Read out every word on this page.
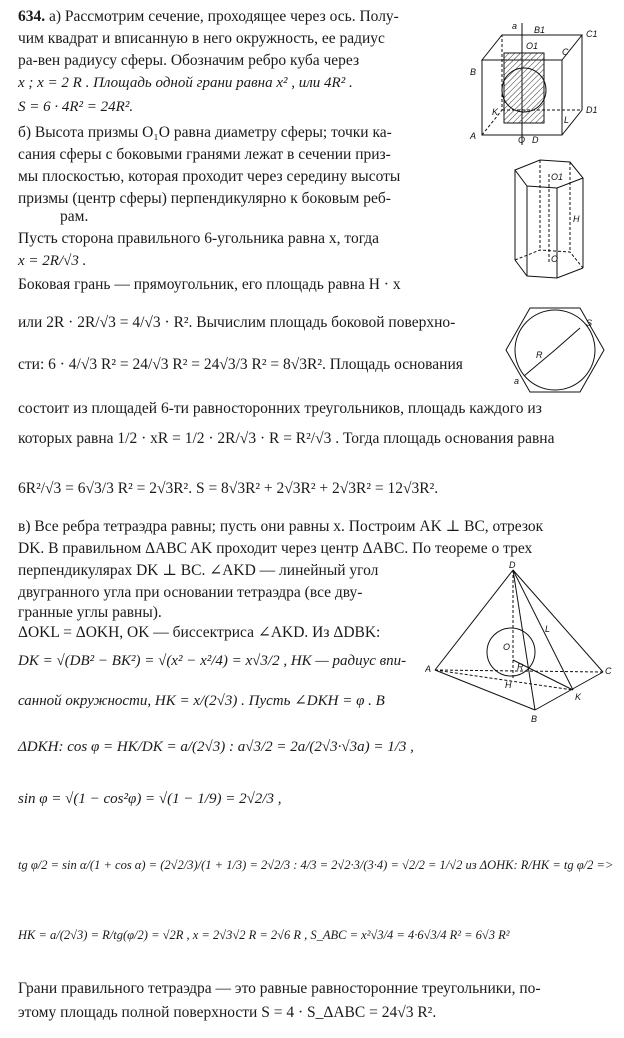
634. а) Рассмотрим сечение, проходящее через ось. Полу-
чим квадрат и вписанную в него окружность, ее радиус
ра-вен радиусу сферы. Обозначим ребро куба через
x ; x = 2 R . Площадь одной грани равна x² , или 4R² .
S = 6 · 4R² = 24R².
б) Высота призмы O₁O равна диаметру сферы; точки ка-
сания сферы с боковыми гранями лежат в сечении приз-
мы плоскостью, которая проходит через середину высоты
призмы (центр сферы) перпендикулярно к боковым реб-
рам.
Пусть сторона правильного 6-угольника равна x, тогда
x = 2R/√3 .
Боковая грань — прямоугольник, его площадь равна H · x
или 2R · 2R/√3 = 4/√3 · R². Вычислим площадь боковой поверхно-
сти: 6 · 4/√3 R² = 24/√3 R² = 24√3/3 R² = 8√3R². Площадь основания
состоит из площадей 6-ти равносторонних треугольников, площадь каждого из
которых равна 1/2 · xR = 1/2 · 2R/√3 · R = R²/√3 . Тогда площадь основания равна
6R²/√3 = 6√3/3 R² = 2√3R². S = 8√3R² + 2√3R² + 2√3R² = 12√3R².
в) Все ребра тетраэдра равны; пусть они равны x. Построим AK ⊥ BC, отрезок
DK. В правильном ΔABC AK проходит через центр ΔABC. По теореме о трех
перпендикулярах DK ⊥ BC. ∠AKD — линейный угол
двугранного угла при основании тетраэдра (все дву-
гранные углы равны).
ΔOKL = ΔOKH, OK — биссектриса ∠AKD. Из ΔDBK:
DK = √(DB² − BK²) = √(x² − x²/4) = x√3/2 , HK — радиус впи-
санной окружности, HK = x/(2√3) . Пусть ∠DKH = φ . В
ΔDKH: cos φ = HK/DK = a/(2√3) : a√3/2 = 2a/(2√3·√3a) = 1/3 ,
sin φ = √(1 − cos²φ) = √(1 − 1/9) = 2√2/3 ,
tg φ/2 = sin α/(1 + cos α) = (2√2/3)/(1 + 1/3) = 2√2/3 : 4/3 = 2√2·3/(3·4) = √2/2 = 1/√2 из ΔOHK: R/HK = tg φ/2 =>
HK = a/(2√3) = R/tg(φ/2) = √2R , x = 2√3√2 R = 2√6 R , S_ABC = x²√3/4 = 4·6√3/4 R² = 6√3 R²
Грани правильного тетраэдра — это равные равносторонние треугольники, по-
этому площадь полной поверхности S = 4 · S_ΔABC = 24√3 R².
a
B
C
C1
B1
O1
A	O
K
D
L
D1
O1
O
H
S
R
a
D
L
O
A
H
R	C
K
B
